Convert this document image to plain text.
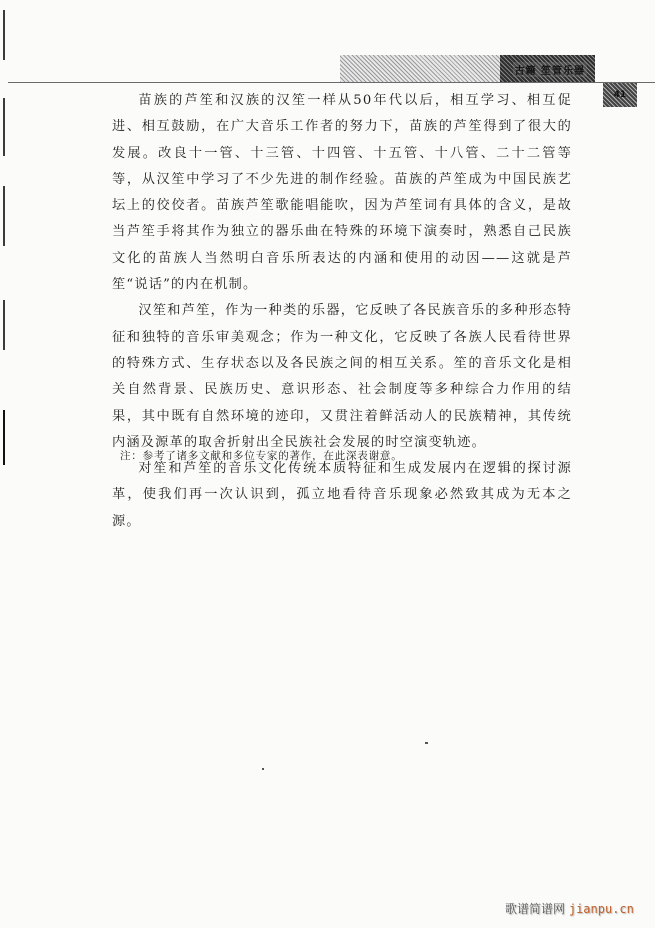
古籍 笙管乐器
41

苗族的芦笙和汉族的汉笙一样从50年代以后，相互学习、相互促进、相互鼓励，在广大音乐工作者的努力下，苗族的芦笙得到了很大的发展。改良十一管、十三管、十四管、十五管、十八管、二十二管等等，从汉笙中学习了不少先进的制作经验。苗族的芦笙成为中国民族艺坛上的佼佼者。苗族芦笙歌能唱能吹，因为芦笙词有具体的含义，是故当芦笙手将其作为独立的器乐曲在特殊的环境下演奏时，熟悉自己民族文化的苗族人当然明白音乐所表达的内涵和使用的动因——这就是芦笙“说话”的内在机制。

汉笙和芦笙，作为一种类的乐器，它反映了各民族音乐的多种形态特征和独特的音乐审美观念；作为一种文化，它反映了各族人民看待世界的特殊方式、生存状态以及各民族之间的相互关系。笙的音乐文化是相关自然背景、民族历史、意识形态、社会制度等多种综合力作用的结果，其中既有自然环境的迹印，又贯注着鲜活动人的民族精神，其传统内涵及源革的取舍折射出全民族社会发展的时空演变轨迹。

对笙和芦笙的音乐文化传统本质特征和生成发展内在逻辑的探讨源革，使我们再一次认识到，孤立地看待音乐现象必然致其成为无本之源。

注：参考了诸多文献和多位专家的著作，在此深表谢意。
歌谱简谱网 jianpu.cn
